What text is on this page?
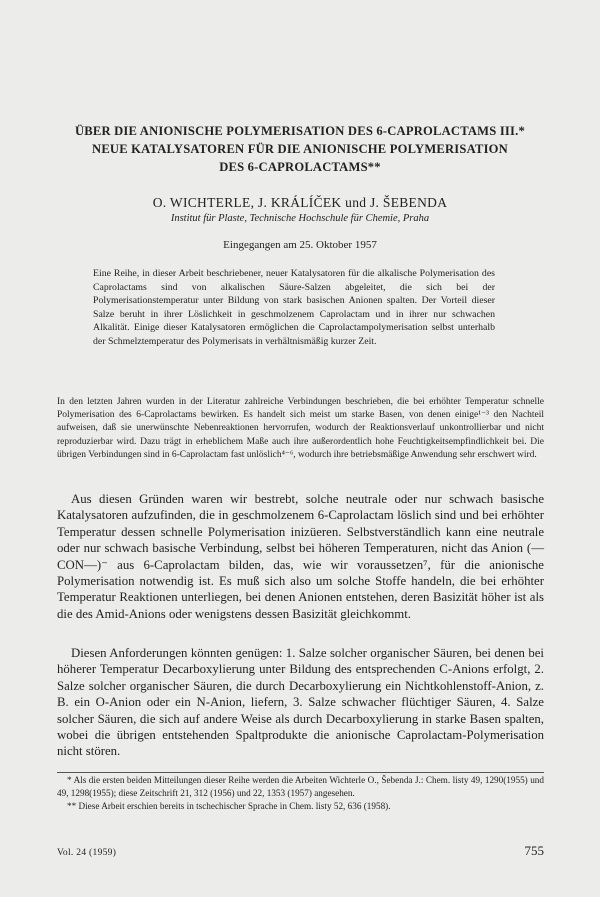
ÜBER DIE ANIONISCHE POLYMERISATION DES 6-CAPROLACTAMS III.*
NEUE KATALYSATOREN FÜR DIE ANIONISCHE POLYMERISATION
DES 6-CAPROLACTAMS**
O. WICHTERLE, J. KRÁLÍČEK und J. ŠEBENDA
Institut für Plaste, Technische Hochschule für Chemie, Praha
Eingegangen am 25. Oktober 1957

Eine Reihe, in dieser Arbeit beschriebener, neuer Katalysatoren für die alkalische Polymerisation des Caprolactams sind von alkalischen Säure-Salzen abgeleitet, die sich bei der Polymerisationstemperatur unter Bildung von stark basischen Anionen spalten. Der Vorteil dieser Salze beruht in ihrer Löslichkeit in geschmolzenem Caprolactam und in ihrer nur schwachen Alkalität. Einige dieser Katalysatoren ermöglichen die Caprolactampolymerisation selbst unterhalb der Schmelztemperatur des Polymerisats in verhältnismäßig kurzer Zeit.

In den letzten Jahren wurden in der Literatur zahlreiche Verbindungen beschrieben, die bei erhöhter Temperatur schnelle Polymerisation des 6-Caprolactams bewirken. Es handelt sich meist um starke Basen, von denen einige¹⁻³ den Nachteil aufweisen, daß sie unerwünschte Nebenreaktionen hervorrufen, wodurch der Reaktionsverlauf unkontrollierbar und nicht reproduzierbar wird. Dazu trägt in erheblichem Maße auch ihre außerordentlich hohe Feuchtigkeitsempfindlichkeit bei. Die übrigen Verbindungen sind in 6-Caprolactam fast unlöslich⁴⁻⁶, wodurch ihre betriebsmäßige Anwendung sehr erschwert wird.

Aus diesen Gründen waren wir bestrebt, solche neutrale oder nur schwach basische Katalysatoren aufzufinden, die in geschmolzenem 6-Caprolactam löslich sind und bei erhöhter Temperatur dessen schnelle Polymerisation inizüeren. Selbstverständlich kann eine neutrale oder nur schwach basische Verbindung, selbst bei höheren Temperaturen, nicht das Anion (—CON—)⁻ aus 6-Caprolactam bilden, das, wie wir voraussetzen⁷, für die anionische Polymerisation notwendig ist. Es muß sich also um solche Stoffe handeln, die bei erhöhter Temperatur Reaktionen unterliegen, bei denen Anionen entstehen, deren Basizität höher ist als die des Amid-Anions oder wenigstens dessen Basizität gleichkommt.

Diesen Anforderungen könnten genügen: 1. Salze solcher organischer Säuren, bei denen bei höherer Temperatur Decarboxylierung unter Bildung des entsprechenden C-Anions erfolgt, 2. Salze solcher organischer Säuren, die durch Decarboxylierung ein Nichtkohlenstoff-Anion, z. B. ein O-Anion oder ein N-Anion, liefern, 3. Salze schwacher flüchtiger Säuren, 4. Salze solcher Säuren, die sich auf andere Weise als durch Decarboxylierung in starke Basen spalten, wobei die übrigen entstehenden Spaltprodukte die anionische Caprolactam-Polymerisation nicht stören.

* Als die ersten beiden Mitteilungen dieser Reihe werden die Arbeiten Wichterle O., Šebenda J.: Chem. listy 49, 1290(1955) und 49, 1298(1955); diese Zeitschrift 21, 312 (1956) und 22, 1353 (1957) angesehen.

** Diese Arbeit erschien bereits in tschechischer Sprache in Chem. listy 52, 636 (1958).

Vol. 24 (1959)	755
